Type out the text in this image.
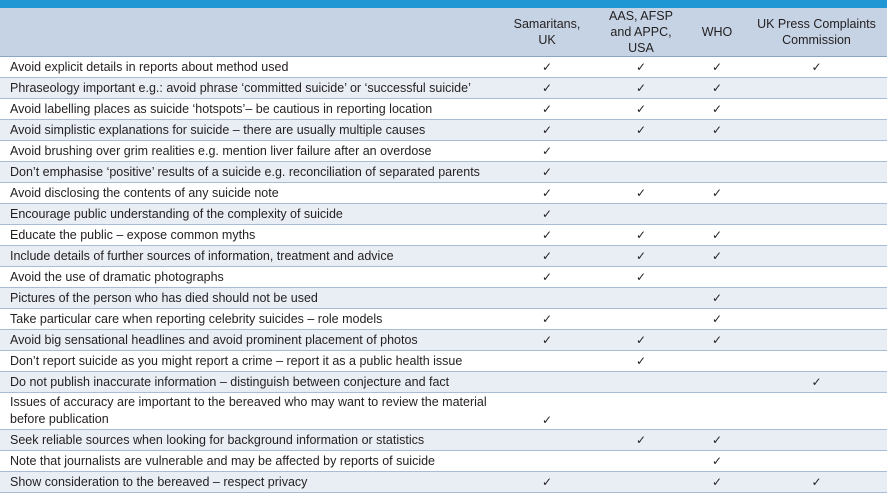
	Samaritans, UK	AAS, AFSP and APPC, USA	WHO	UK Press Complaints Commission
Avoid explicit details in reports about method used	✓	✓	✓	✓
Phraseology important e.g.: avoid phrase ‘committed suicide’ or ‘successful suicide’	✓	✓	✓	
Avoid labelling places as suicide ‘hotspots’– be cautious in reporting location	✓	✓	✓	
Avoid simplistic explanations for suicide – there are usually multiple causes	✓	✓	✓	
Avoid brushing over grim realities e.g. mention liver failure after an overdose	✓			
Don’t emphasise ‘positive’ results of a suicide e.g. reconciliation of separated parents	✓			
Avoid disclosing the contents of any suicide note	✓	✓	✓	
Encourage public understanding of the complexity of suicide	✓			
Educate the public – expose common myths	✓	✓	✓	
Include details of further sources of information, treatment and advice	✓	✓	✓	
Avoid the use of dramatic photographs	✓	✓		
Pictures of the person who has died should not be used			✓	
Take particular care when reporting celebrity suicides – role models	✓		✓	
Avoid big sensational headlines and avoid prominent placement of photos	✓	✓	✓	
Don’t report suicide as you might report a crime – report it as a public health issue		✓		
Do not publish inaccurate information – distinguish between conjecture and fact				✓
Issues of accuracy are important to the bereaved who may want to review the material before publication	✓			
Seek reliable sources when looking for background information or statistics		✓	✓	
Note that journalists are vulnerable and may be affected by reports of suicide			✓	
Show consideration to the bereaved – respect privacy	✓		✓	✓
